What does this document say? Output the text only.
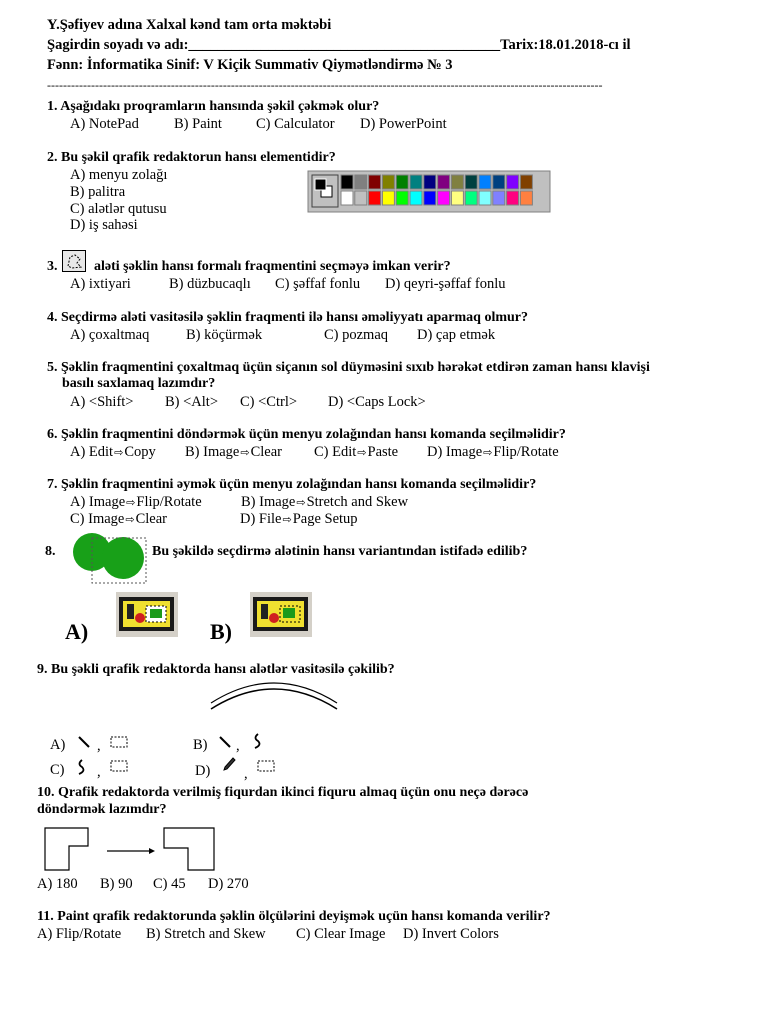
Y.Şəfiyev adına Xalxal kənd tam orta məktəbi
Şagirdin soyadı və adı:___________________________________________Tarix:18.01.2018-cı il
Fənn: İnformatika Sinif: V Kiçik Summativ Qiymətləndirmə № 3
-------------------------------------------------------------------------------------------------------------------------------------------
1. Aşağıdakı proqramların hansında şəkil çəkmək olur?
A) NotePad B) Paint C) Calculator D) PowerPoint
2. Bu şəkil qrafik redaktorun hansı elementidir?
A) menyu zolağı
B) palitra
C) alətlər qutusu
D) iş sahəsi
3.	aləti şəklin hansı formalı fraqmentini seçməyə imkan verir?
A) ixtiyari	B) düzbucaqlı C) şəffaf fonlu D) qeyri-şəffaf fonlu
4. Seçdirmə aləti vasitəsilə şəklin fraqmenti ilə hansı əməliyyatı aparmaq olmur?
A) çoxaltmaq	B) köçürmək	C) pozmaq D) çap etmək
5. Şəklin fraqmentini çoxaltmaq üçün siçanın sol düyməsini sıxıb hərəkət etdirən zaman hansı klavişi
basılı saxlamaq lazımdır?
A) <Shift> B) <Alt> C) <Ctrl> D) <Caps Lock>
6. Şəklin fraqmentini döndərmək üçün menyu zolağından hansı komanda seçilməlidir?
A) Edit⇨Copy B) Image⇨Clear C) Edit⇨Paste D) Image⇨Flip/Rotate
7. Şəklin fraqmentini əymək üçün menyu zolağından hansı komanda seçilməlidir?
A) Image⇨Flip/Rotate	B) Image⇨Stretch and Skew
C) Image⇨Clear	D) File⇨Page Setup
8.	Bu şəkildə seçdirmə alətinin hansı variantından istifadə edilib?
A)	B)
9. Bu şəkli qrafik redaktorda hansı alətlər vasitəsilə çəkilib?
A) ,	B) ,
C) ,	D) ,
10. Qrafik redaktorda verilmiş fiqurdan ikinci fiquru almaq üçün onu neçə dərəcə
döndərmək lazımdır?
A) 180 B) 90 C) 45 D) 270
11. Paint qrafik redaktorunda şəklin ölçülərini deyişmək uçün hansı komanda verilir?
A) Flip/Rotate B) Stretch and Skew C) Clear Image D) Invert Colors
